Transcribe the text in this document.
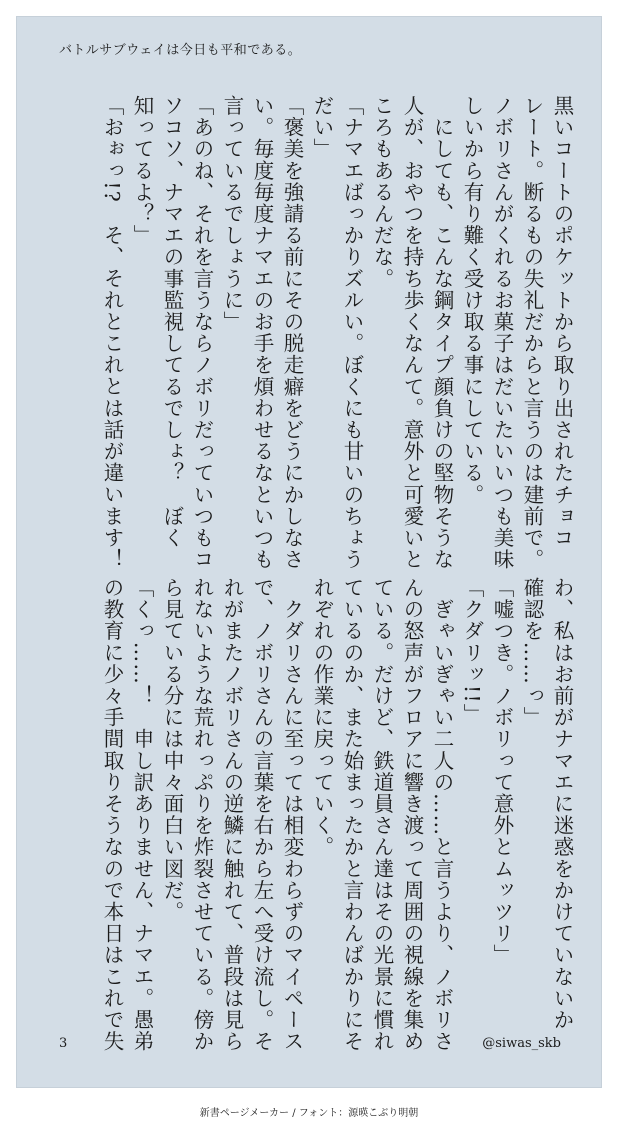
バトルサブウェイは今日も平和である。
黒いコートのポケットから取り出されたチョコ
レート。断るもの失礼だからと言うのは建前で。
ノボリさんがくれるお菓子はだいたいいつも美味
しいから有り難く受け取る事にしている。
　にしても、こんな鋼タイプ顔負けの堅物そうな
人が、おやつを持ち歩くなんて。意外と可愛いと
ころもあるんだな。
「ナマエばっかりズルい。ぼくにも甘いのちょう
だい」
「褒美を強請る前にその脱走癖をどうにかしなさ
い。毎度毎度ナマエのお手を煩わせるなといつも
言っているでしょうに」
「あのね、それを言うならノボリだっていつもコ
ソコソ、ナマエの事監視してるでしょ？　ぼく
知ってるよ？」
「おぉっ!?　そ、それとこれとは話が違います！
わ、私はお前がナマエに迷惑をかけていないか
確認を……っ」
「嘘つき。ノボリって意外とムッツリ」
「クダリッ!!」
　ぎゃいぎゃい二人の……と言うより、ノボリさ
んの怒声がフロアに響き渡って周囲の視線を集め
ている。だけど、鉄道員さん達はその光景に慣れ
ているのか、また始まったかと言わんばかりにそ
れぞれの作業に戻っていく。
　クダリさんに至っては相変わらずのマイペース
で、ノボリさんの言葉を右から左へ受け流し。そ
れがまたノボリさんの逆鱗に触れて、普段は見ら
れないような荒れっぷりを炸裂させている。傍か
ら見ている分には中々面白い図だ。
「くっ……！　申し訳ありません、ナマエ。愚弟
の教育に少々手間取りそうなので本日はこれで失
3	@siwas_skb
新書ページメーカー / フォント：源暎こぶり明朝
